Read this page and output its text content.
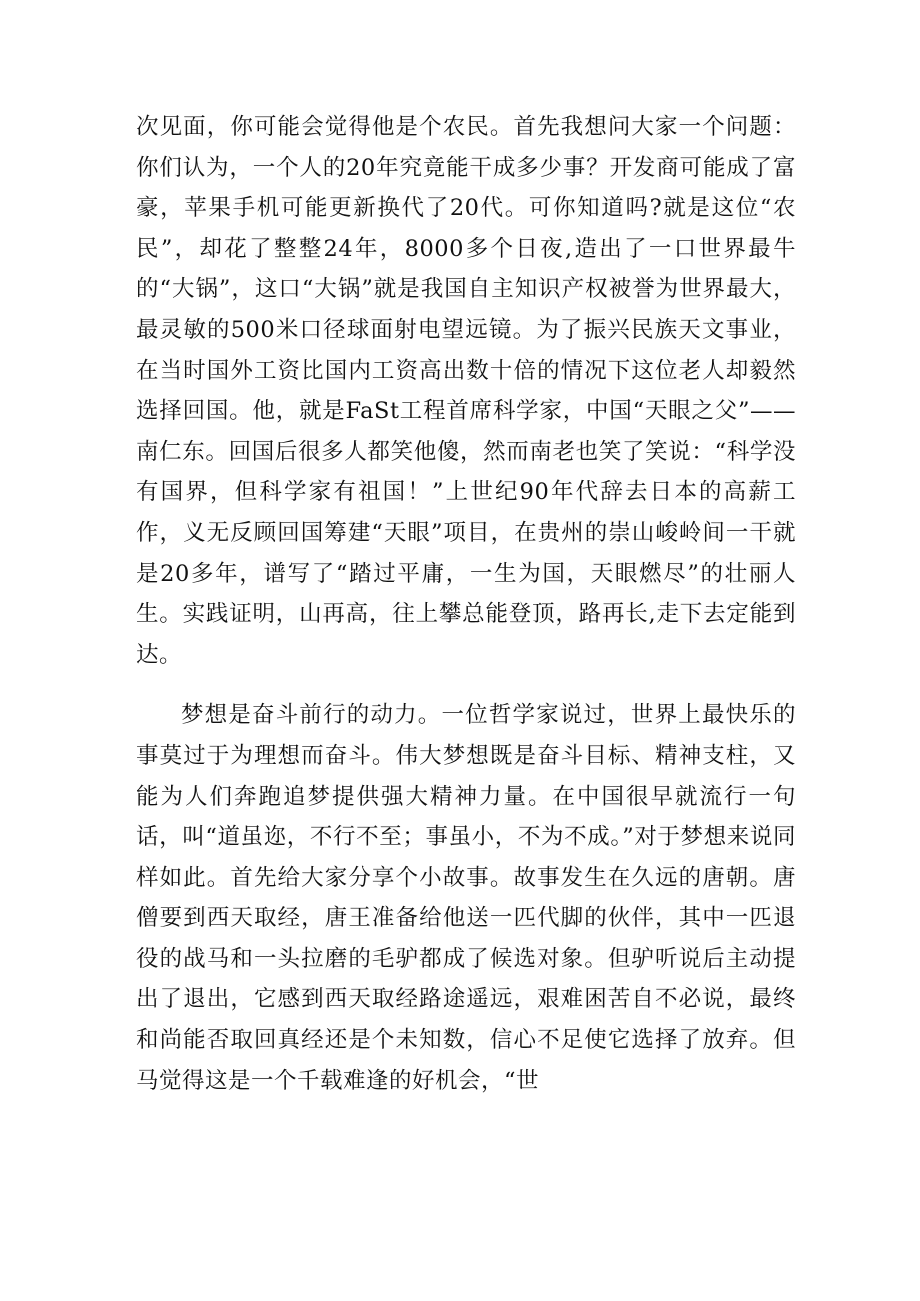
次见面，你可能会觉得他是个农民。首先我想问大家一个问题：你们认为，一个人的20年究竟能干成多少事？开发商可能成了富豪，苹果手机可能更新换代了20代。可你知道吗?就是这位“农民”，却花了整整24年，8000多个日夜,造出了一口世界最牛的“大锅”，这口“大锅”就是我国自主知识产权被誉为世界最大，最灵敏的500米口径球面射电望远镜。为了振兴民族天文事业，在当时国外工资比国内工资高出数十倍的情况下这位老人却毅然选择回国。他，就是FaSt工程首席科学家，中国“天眼之父”——南仁东。回国后很多人都笑他傻，然而南老也笑了笑说：“科学没有国界，但科学家有祖国！”上世纪90年代辞去日本的高薪工作，义无反顾回国筹建“天眼”项目，在贵州的崇山峻岭间一干就是20多年，谱写了“踏过平庸，一生为国，天眼燃尽”的壮丽人生。实践证明，山再高，往上攀总能登顶，路再长,走下去定能到达。

梦想是奋斗前行的动力。一位哲学家说过，世界上最快乐的事莫过于为理想而奋斗。伟大梦想既是奋斗目标、精神支柱，又能为人们奔跑追梦提供强大精神力量。在中国很早就流行一句话，叫“道虽迩，不行不至；事虽小，不为不成。”对于梦想来说同样如此。首先给大家分享个小故事。故事发生在久远的唐朝。唐僧要到西天取经，唐王准备给他送一匹代脚的伙伴，其中一匹退役的战马和一头拉磨的毛驴都成了候选对象。但驴听说后主动提出了退出，它感到西天取经路途遥远，艰难困苦自不必说，最终和尚能否取回真经还是个未知数，信心不足使它选择了放弃。但马觉得这是一个千载难逢的好机会，“世
